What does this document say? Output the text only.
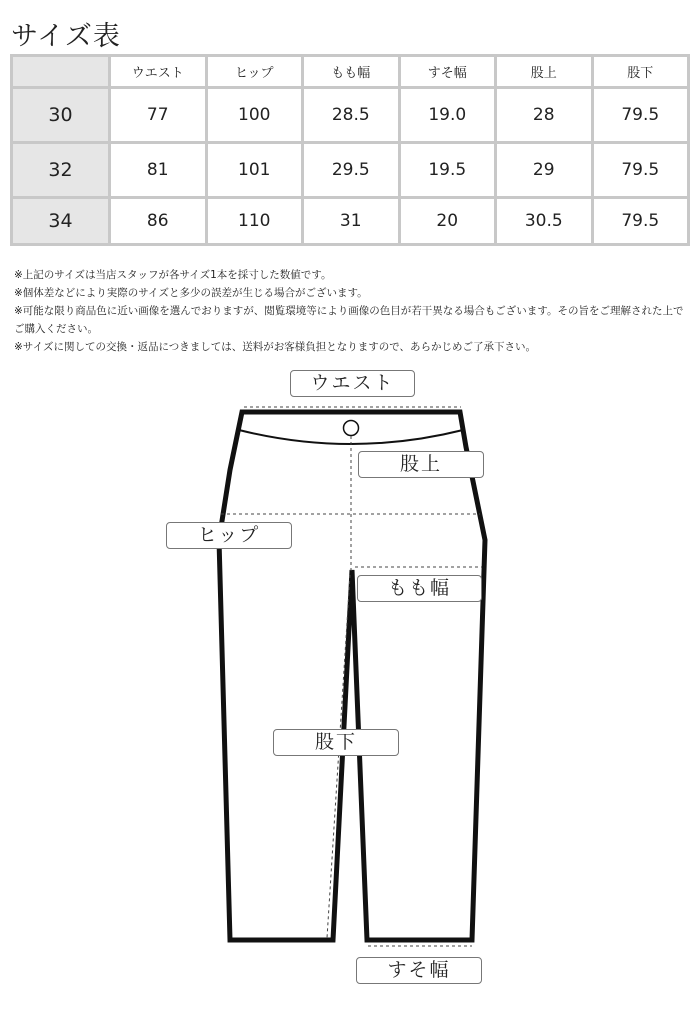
サイズ表
	ウエスト	ヒップ	もも幅	すそ幅	股上	股下
30	77	100	28.5	19.0	28	79.5
32	81	101	29.5	19.5	29	79.5
34	86	110	31	20	30.5	79.5

※上記のサイズは当店スタッフが各サイズ1本を採寸した数値です。

※個体差などにより実際のサイズと多少の誤差が生じる場合がございます。

※可能な限り商品色に近い画像を選んでおりますが、閲覧環境等により画像の色目が若干異なる場合もございます。その旨をご理解された上でご購入ください。

※サイズに関しての交換・返品につきましては、送料がお客様負担となりますので、あらかじめご了承下さい。

ウエスト
股上
ヒップ
もも幅
股下
すそ幅
